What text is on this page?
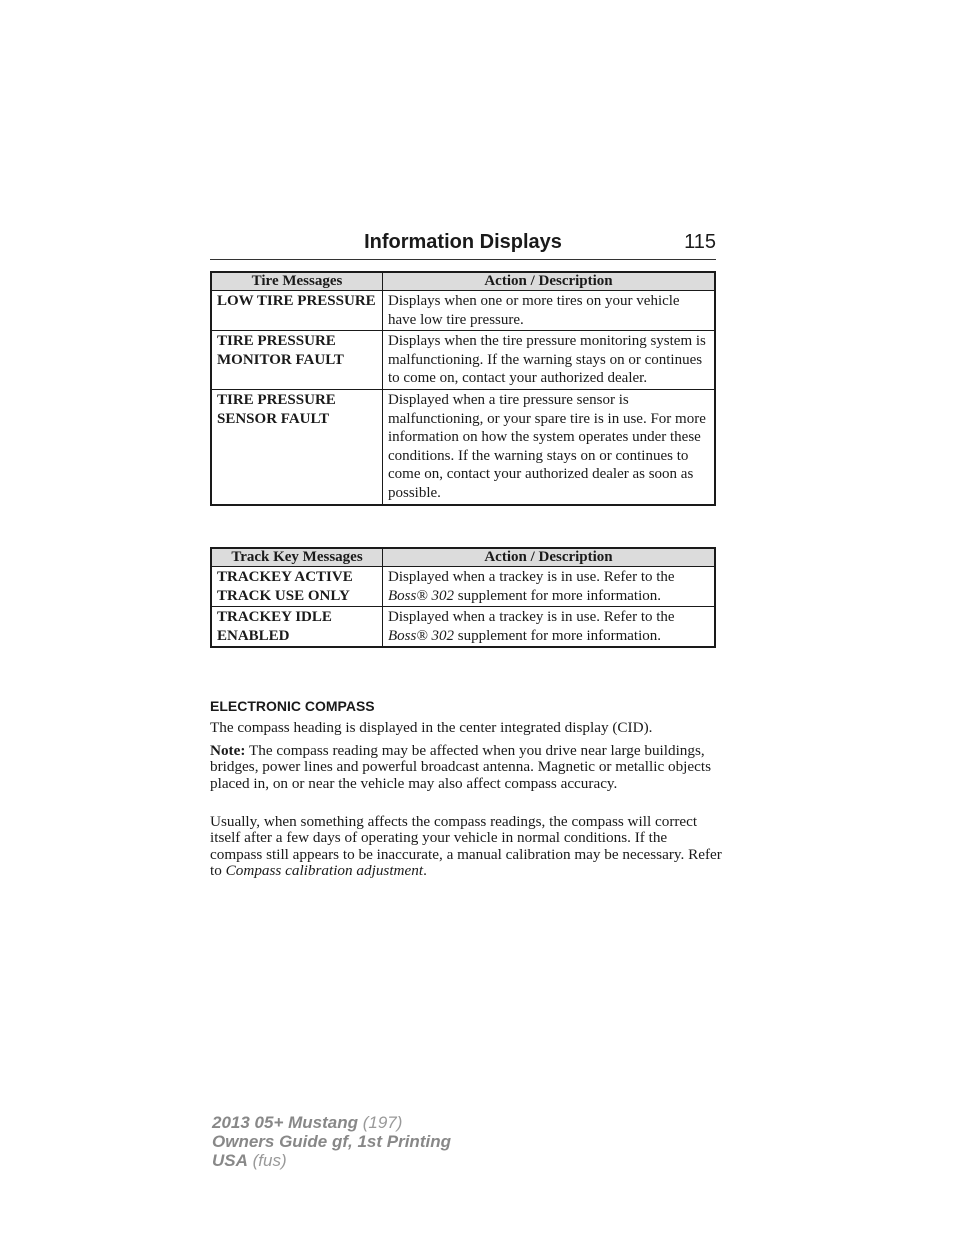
Information Displays	115
Tire Messages	Action / Description
LOW TIRE PRESSURE	Displays when one or more tires on your vehicle have low tire pressure.
TIRE PRESSURE MONITOR FAULT	Displays when the tire pressure monitoring system is malfunctioning. If the warning stays on or continues to come on, contact your authorized dealer.
TIRE PRESSURE SENSOR FAULT	Displayed when a tire pressure sensor is malfunctioning, or your spare tire is in use. For more information on how the system operates under these conditions. If the warning stays on or continues to come on, contact your authorized dealer as soon as possible.
Track Key Messages	Action / Description
TRACKEY ACTIVE TRACK USE ONLY	Displayed when a trackey is in use. Refer to the Boss® 302 supplement for more information.
TRACKEY IDLE ENABLED	Displayed when a trackey is in use. Refer to the Boss® 302 supplement for more information.
ELECTRONIC COMPASS

The compass heading is displayed in the center integrated display (CID).

Note: The compass reading may be affected when you drive near large buildings, bridges, power lines and powerful broadcast antenna. Magnetic or metallic objects placed in, on or near the vehicle may also affect compass accuracy.

Usually, when something affects the compass readings, the compass will correct itself after a few days of operating your vehicle in normal conditions. If the compass still appears to be inaccurate, a manual calibration may be necessary. Refer to Compass calibration adjustment.

2013 05+ Mustang (197)
Owners Guide gf, 1st Printing
USA (fus)
